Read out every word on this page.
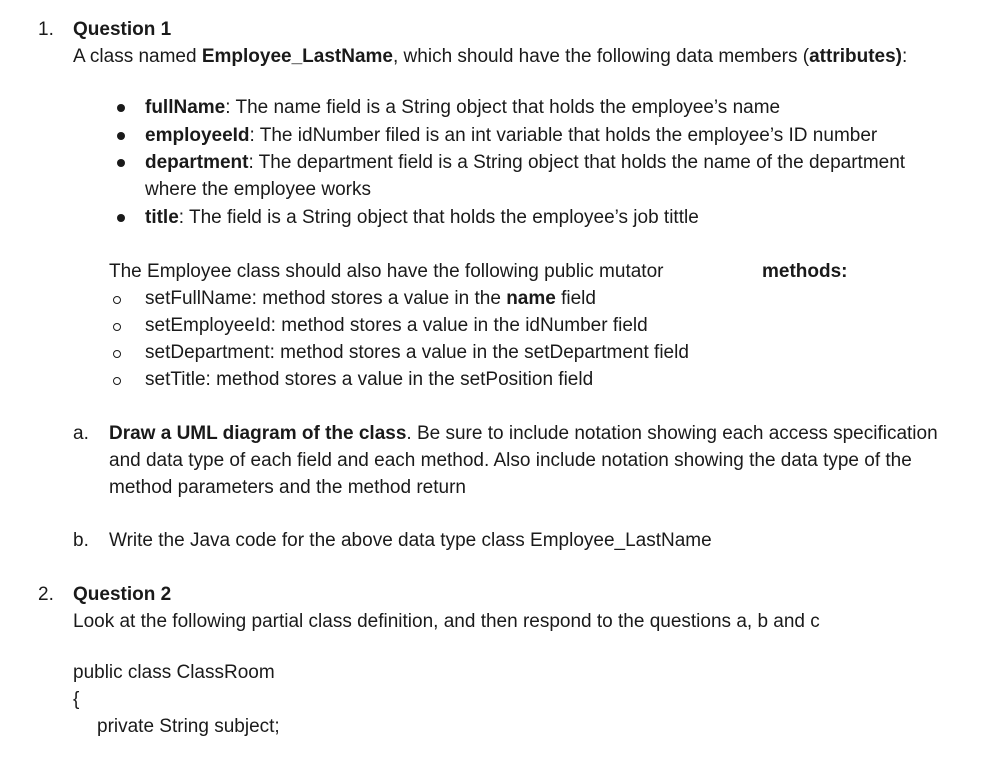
1. Question 1
A class named Employee_LastName, which should have the following data members (attributes):
fullName: The name field is a String object that holds the employee’s name
employeeId: The idNumber filed is an int variable that holds the employee’s ID number
department: The department field is a String object that holds the name of the department
where the employee works
title: The field is a String object that holds the employee’s job tittle
The Employee class should also have the following public mutator	methods:
setFullName: method stores a value in the name field
setEmployeeId: method stores a value in the idNumber field
setDepartment: method stores a value in the setDepartment field
setTitle: method stores a value in the setPosition field
a. Draw a UML diagram of the class. Be sure to include notation showing each access specification
and data type of each field and each method. Also include notation showing the data type of the
method parameters and the method return
b. Write the Java code for the above data type class Employee_LastName
2. Question 2
Look at the following partial class definition, and then respond to the questions a, b and c
public class ClassRoom
{
private String subject;
